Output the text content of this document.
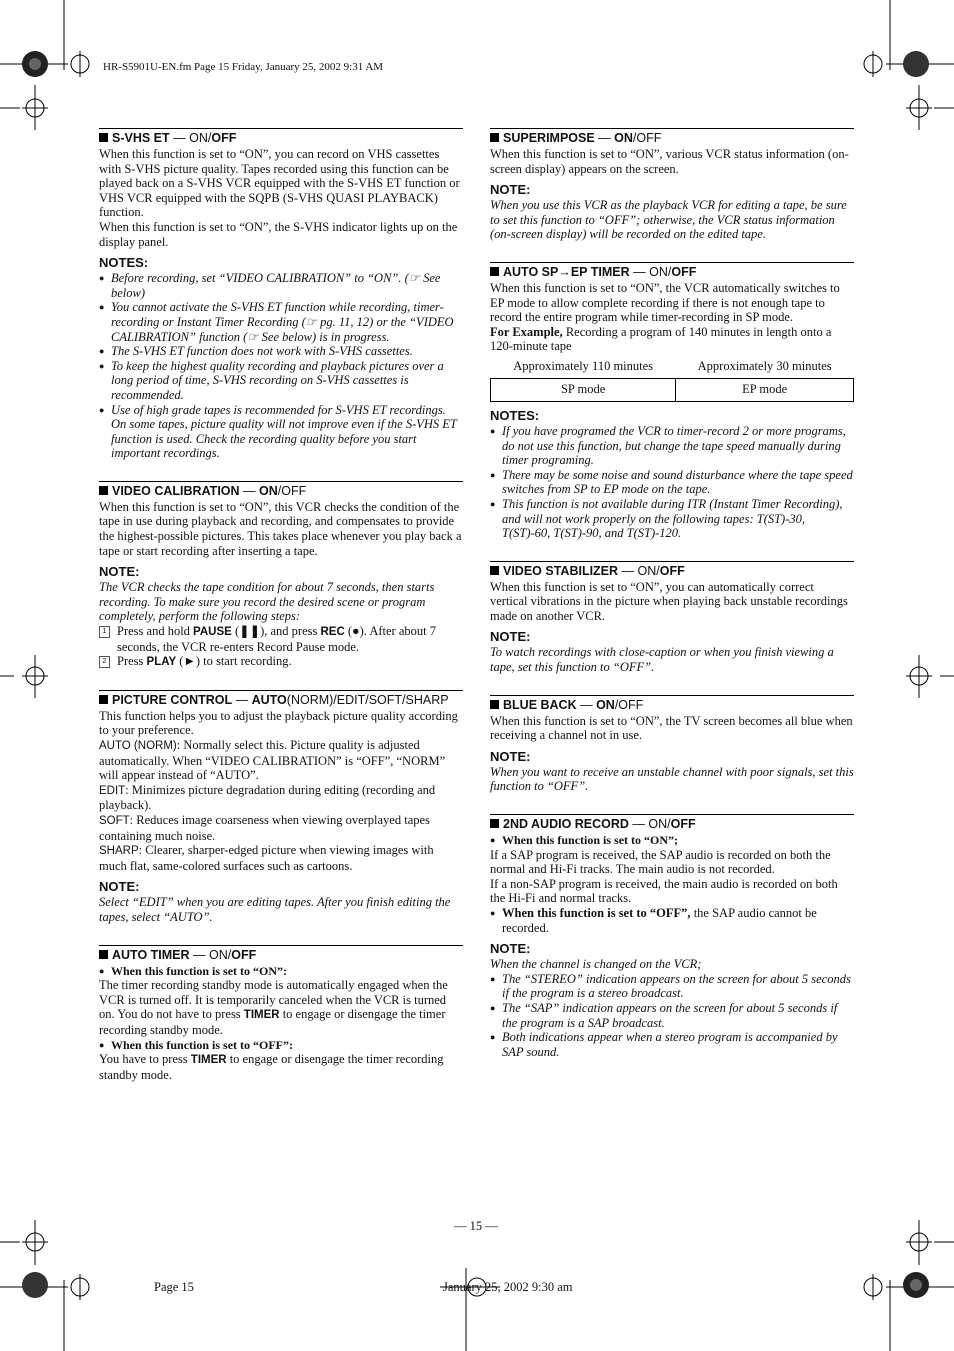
HR-S5901U-EN.fm Page 15 Friday, January 25, 2002 9:31 AM
S-VHS ET — ON/OFF

When this function is set to “ON”, you can record on VHS cassettes with S-VHS picture quality. Tapes recorded using this function can be played back on a S-VHS VCR equipped with the S-VHS ET function or VHS VCR equipped with the SQPB (S-VHS QUASI PLAYBACK) function.

When this function is set to “ON”, the S-VHS indicator lights up on the display panel.

NOTES:
● Before recording, set “VIDEO CALIBRATION” to “ON”. (☞ See below)
● You cannot activate the S-VHS ET function while recording, timer-recording or Instant Timer Recording (☞ pg. 11, 12) or the “VIDEO CALIBRATION” function (☞ See below) is in progress.
● The S-VHS ET function does not work with S-VHS cassettes.
● To keep the highest quality recording and playback pictures over a long period of time, S-VHS recording on S-VHS cassettes is recommended.
● Use of high grade tapes is recommended for S-VHS ET recordings. On some tapes, picture quality will not improve even if the S-VHS ET function is used. Check the recording quality before you start important recordings.
VIDEO CALIBRATION — ON/OFF

When this function is set to “ON”, this VCR checks the condition of the tape in use during playback and recording, and compensates to provide the highest-possible pictures. This takes place whenever you play back a tape or start recording after inserting a tape.

NOTE:

The VCR checks the tape condition for about 7 seconds, then starts recording. To make sure you record the desired scene or program completely, perform the following steps:

1 Press and hold PAUSE (❚❚), and press REC (●). After about 7 seconds, the VCR re-enters Record Pause mode.
2 Press PLAY (►) to start recording.
PICTURE CONTROL — AUTO(NORM)/EDIT/SOFT/SHARP

This function helps you to adjust the playback picture quality according to your preference.

AUTO (NORM): Normally select this. Picture quality is adjusted automatically. When “VIDEO CALIBRATION” is “OFF”, “NORM” will appear instead of “AUTO”.

EDIT: Minimizes picture degradation during editing (recording and playback).

SOFT: Reduces image coarseness when viewing overplayed tapes containing much noise.

SHARP: Clearer, sharper-edged picture when viewing images with much flat, same-colored surfaces such as cartoons.

NOTE:

Select “EDIT” when you are editing tapes. After you finish editing the tapes, select “AUTO”.

AUTO TIMER — ON/OFF
● When this function is set to “ON”:

The timer recording standby mode is automatically engaged when the VCR is turned off. It is temporarily canceled when the VCR is turned on. You do not have to press TIMER to engage or disengage the timer recording standby mode.

● When this function is set to “OFF”:

You have to press TIMER to engage or disengage the timer recording standby mode.

SUPERIMPOSE — ON/OFF

When this function is set to “ON”, various VCR status information (on-screen display) appears on the screen.

NOTE:

When you use this VCR as the playback VCR for editing a tape, be sure to set this function to “OFF”; otherwise, the VCR status information (on-screen display) will be recorded on the edited tape.

AUTO SP→EP TIMER — ON/OFF

When this function is set to “ON”, the VCR automatically switches to EP mode to allow complete recording if there is not enough tape to record the entire program while timer-recording in SP mode.

For Example, Recording a program of 140 minutes in length onto a 120-minute tape

Approximately 110 minutes	Approximately 30 minutes
SP mode	EP mode
NOTES:
● If you have programed the VCR to timer-record 2 or more programs, do not use this function, but change the tape speed manually during timer programing.
● There may be some noise and sound disturbance where the tape speed switches from SP to EP mode on the tape.
● This function is not available during ITR (Instant Timer Recording), and will not work properly on the following tapes: T(ST)-30, T(ST)-60, T(ST)-90, and T(ST)-120.
VIDEO STABILIZER — ON/OFF

When this function is set to “ON”, you can automatically correct vertical vibrations in the picture when playing back unstable recordings made on another VCR.

NOTE:

To watch recordings with close-caption or when you finish viewing a tape, set this function to “OFF”.

BLUE BACK — ON/OFF

When this function is set to “ON”, the TV screen becomes all blue when receiving a channel not in use.

NOTE:

When you want to receive an unstable channel with poor signals, set this function to “OFF”.

2ND AUDIO RECORD — ON/OFF
● When this function is set to “ON”;

If a SAP program is received, the SAP audio is recorded on both the normal and Hi-Fi tracks. The main audio is not recorded.

If a non-SAP program is received, the main audio is recorded on both the Hi-Fi and normal tracks.

● When this function is set to “OFF”, the SAP audio cannot be recorded.
NOTE:

When the channel is changed on the VCR;

● The “STEREO” indication appears on the screen for about 5 seconds if the program is a stereo broadcast.
● The “SAP” indication appears on the screen for about 5 seconds if the program is a SAP broadcast.
● Both indications appear when a stereo program is accompanied by SAP sound.
— 15 —
Page 15	January 25, 2002 9:30 am
